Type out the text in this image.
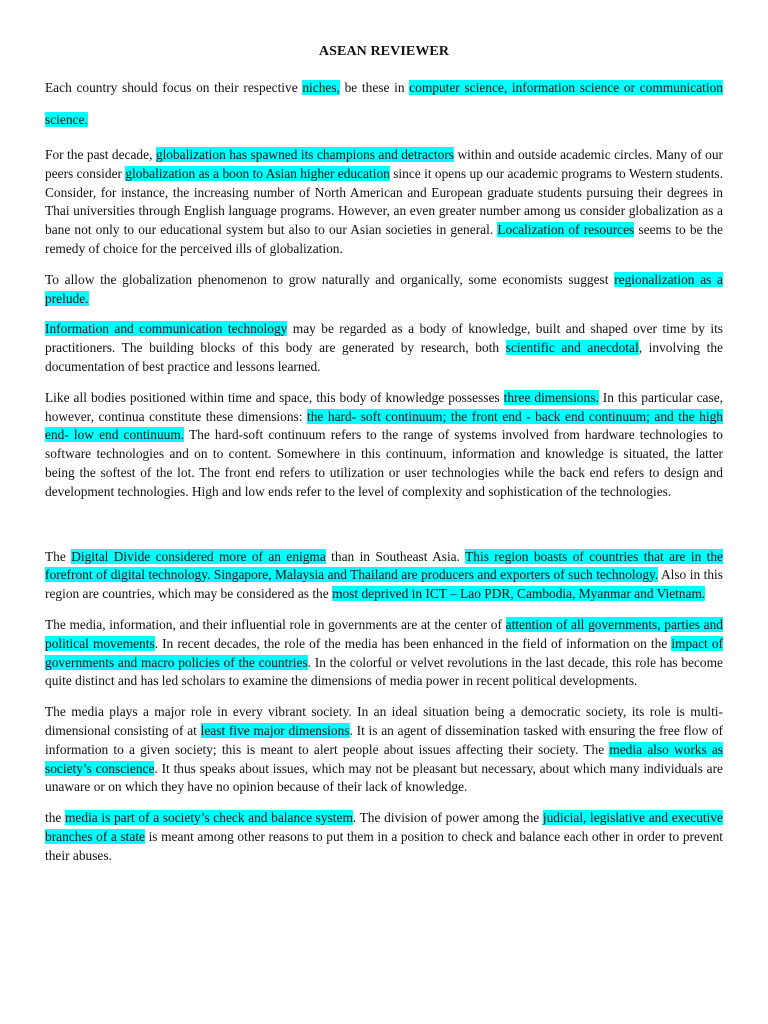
ASEAN REVIEWER

Each country should focus on their respective niches, be these in computer science, information science or communication science.

For the past decade, globalization has spawned its champions and detractors within and outside academic circles. Many of our peers consider globalization as a boon to Asian higher education since it opens up our academic programs to Western students. Consider, for instance, the increasing number of North American and European graduate students pursuing their degrees in Thai universities through English language programs. However, an even greater number among us consider globalization as a bane not only to our educational system but also to our Asian societies in general. Localization of resources seems to be the remedy of choice for the perceived ills of globalization.

To allow the globalization phenomenon to grow naturally and organically, some economists suggest regionalization as a prelude.

Information and communication technology may be regarded as a body of knowledge, built and shaped over time by its practitioners. The building blocks of this body are generated by research, both scientific and anecdotal, involving the documentation of best practice and lessons learned.

Like all bodies positioned within time and space, this body of knowledge possesses three dimensions. In this particular case, however, continua constitute these dimensions: the hard- soft continuum; the front end - back end continuum; and the high end- low end continuum. The hard-soft continuum refers to the range of systems involved from hardware technologies to software technologies and on to content. Somewhere in this continuum, information and knowledge is situated, the latter being the softest of the lot. The front end refers to utilization or user technologies while the back end refers to design and development technologies. High and low ends refer to the level of complexity and sophistication of the technologies.

The Digital Divide considered more of an enigma than in Southeast Asia. This region boasts of countries that are in the forefront of digital technology. Singapore, Malaysia and Thailand are producers and exporters of such technology. Also in this region are countries, which may be considered as the most deprived in ICT – Lao PDR, Cambodia, Myanmar and Vietnam.

The media, information, and their influential role in governments are at the center of attention of all governments, parties and political movements. In recent decades, the role of the media has been enhanced in the field of information on the impact of governments and macro policies of the countries. In the colorful or velvet revolutions in the last decade, this role has become quite distinct and has led scholars to examine the dimensions of media power in recent political developments.

The media plays a major role in every vibrant society. In an ideal situation being a democratic society, its role is multi-dimensional consisting of at least five major dimensions. It is an agent of dissemination tasked with ensuring the free flow of information to a given society; this is meant to alert people about issues affecting their society. The media also works as society’s conscience. It thus speaks about issues, which may not be pleasant but necessary, about which many individuals are unaware or on which they have no opinion because of their lack of knowledge.

the media is part of a society’s check and balance system. The division of power among the judicial, legislative and executive branches of a state is meant among other reasons to put them in a position to check and balance each other in order to prevent their abuses.
